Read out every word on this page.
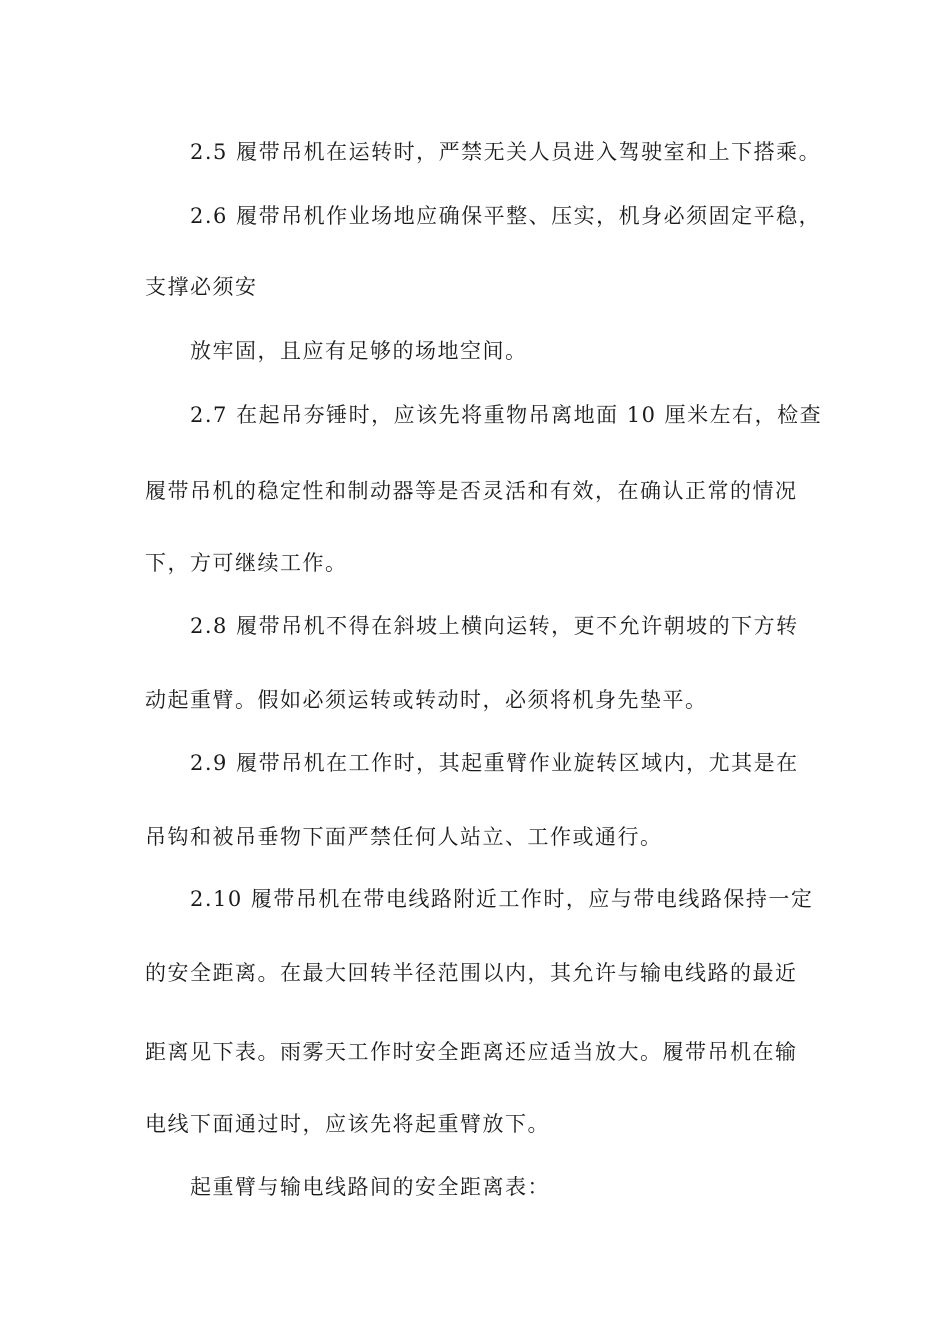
2.5 履带吊机在运转时，严禁无关人员进入驾驶室和上下搭乘。
2.6 履带吊机作业场地应确保平整、压实，机身必须固定平稳，
支撑必须安
放牢固，且应有足够的场地空间。
2.7 在起吊夯锤时，应该先将重物吊离地面 10 厘米左右，检查
履带吊机的稳定性和制动器等是否灵活和有效，在确认正常的情况
下，方可继续工作。
2.8 履带吊机不得在斜坡上横向运转，更不允许朝坡的下方转
动起重臂。假如必须运转或转动时，必须将机身先垫平。
2.9 履带吊机在工作时，其起重臂作业旋转区域内，尤其是在
吊钩和被吊垂物下面严禁任何人站立、工作或通行。
2.10 履带吊机在带电线路附近工作时，应与带电线路保持一定
的安全距离。在最大回转半径范围以内，其允许与输电线路的最近
距离见下表。雨雾天工作时安全距离还应适当放大。履带吊机在输
电线下面通过时，应该先将起重臂放下。
起重臂与输电线路间的安全距离表：
